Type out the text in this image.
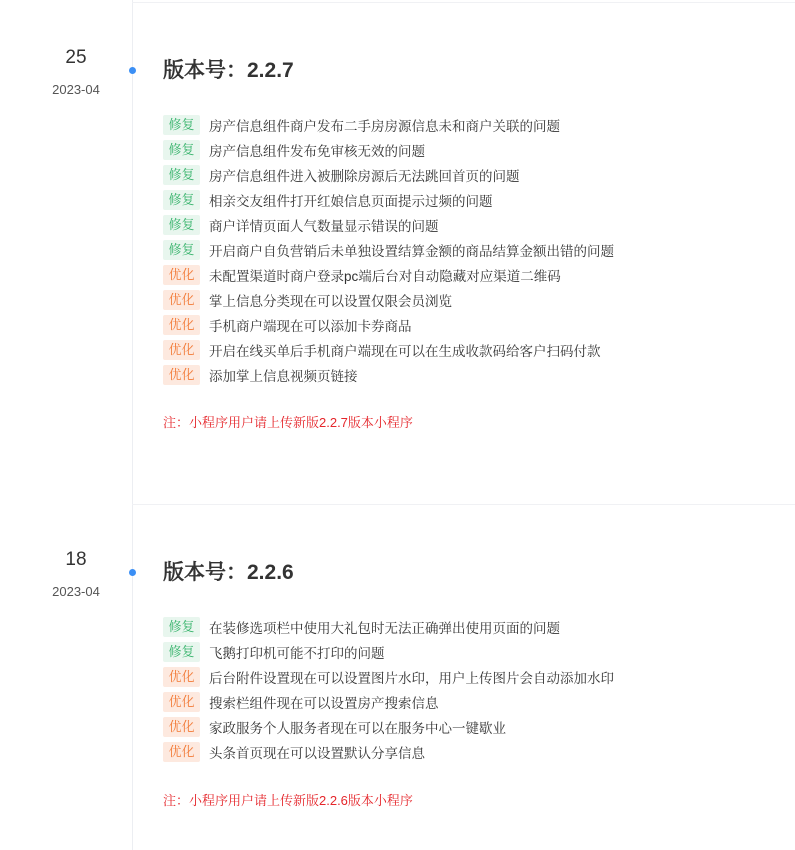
25
2023-04
版本号：2.2.7
修复	房产信息组件商户发布二手房房源信息未和商户关联的问题
修复	房产信息组件发布免审核无效的问题
修复	房产信息组件进入被删除房源后无法跳回首页的问题
修复	相亲交友组件打开红娘信息页面提示过频的问题
修复	商户详情页面人气数量显示错误的问题
修复	开启商户自负营销后未单独设置结算金额的商品结算金额出错的问题
优化	未配置渠道时商户登录pc端后台对自动隐藏对应渠道二维码
优化	掌上信息分类现在可以设置仅限会员浏览
优化	手机商户端现在可以添加卡券商品
优化	开启在线买单后手机商户端现在可以在生成收款码给客户扫码付款
优化	添加掌上信息视频页链接
注：小程序用户请上传新版2.2.7版本小程序
18
2023-04
版本号：2.2.6
修复	在装修选项栏中使用大礼包时无法正确弹出使用页面的问题
修复	飞鹅打印机可能不打印的问题
优化	后台附件设置现在可以设置图片水印，用户上传图片会自动添加水印
优化	搜索栏组件现在可以设置房产搜索信息
优化	家政服务个人服务者现在可以在服务中心一键歇业
优化	头条首页现在可以设置默认分享信息
注：小程序用户请上传新版2.2.6版本小程序
